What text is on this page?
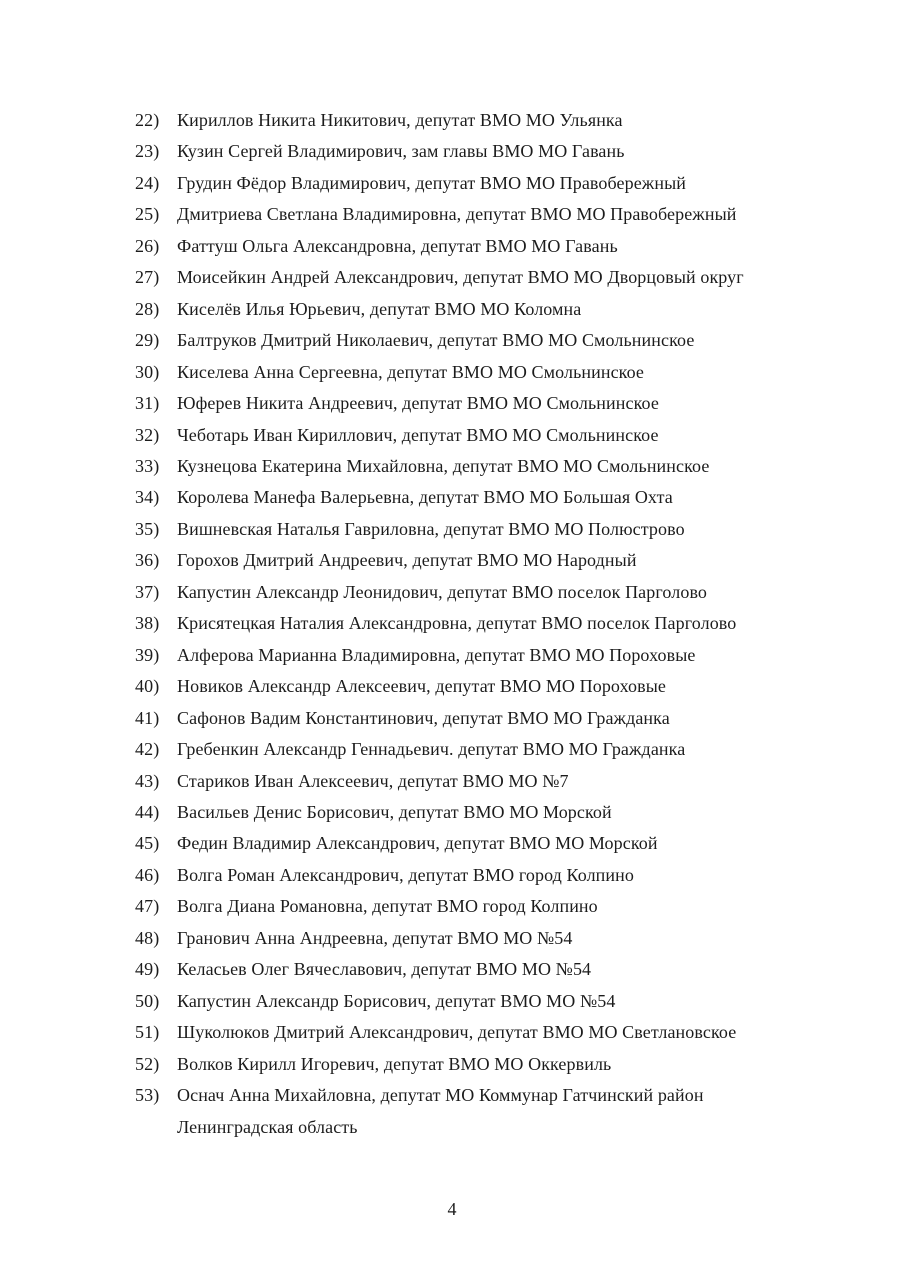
22) Кириллов Никита Никитович, депутат ВМО МО Ульянка
23) Кузин Сергей Владимирович, зам главы ВМО МО Гавань
24) Грудин Фёдор Владимирович, депутат ВМО МО Правобережный
25) Дмитриева Светлана Владимировна, депутат ВМО МО Правобережный
26) Фаттуш Ольга Александровна, депутат ВМО МО Гавань
27) Моисейкин Андрей Александрович, депутат ВМО МО Дворцовый округ
28) Киселёв Илья Юрьевич, депутат ВМО МО Коломна
29) Балтруков Дмитрий Николаевич, депутат ВМО МО Смольнинское
30) Киселева Анна Сергеевна, депутат ВМО МО Смольнинское
31) Юферев Никита Андреевич, депутат ВМО МО Смольнинское
32) Чеботарь Иван Кириллович, депутат ВМО МО Смольнинское
33) Кузнецова Екатерина Михайловна, депутат ВМО МО Смольнинское
34) Королева Манефа Валерьевна, депутат ВМО МО Большая Охта
35) Вишневская Наталья Гавриловна, депутат ВМО МО Полюстрово
36) Горохов Дмитрий Андреевич, депутат ВМО МО Народный
37) Капустин Александр Леонидович, депутат ВМО поселок Парголово
38) Крисятецкая Наталия Александровна, депутат ВМО поселок Парголово
39) Алферова Марианна Владимировна, депутат ВМО МО Пороховые
40) Новиков Александр Алексеевич, депутат ВМО МО Пороховые
41) Сафонов Вадим Константинович, депутат ВМО МО Гражданка
42) Гребенкин Александр Геннадьевич. депутат ВМО МО Гражданка
43) Стариков Иван Алексеевич, депутат ВМО МО №7
44) Васильев Денис Борисович, депутат ВМО МО Морской
45) Федин Владимир Александрович, депутат ВМО МО Морской
46) Волга Роман Александрович, депутат ВМО город Колпино
47) Волга Диана Романовна, депутат ВМО город Колпино
48) Гранович Анна Андреевна, депутат ВМО МО №54
49) Келасьев Олег Вячеславович, депутат ВМО МО №54
50) Капустин Александр Борисович, депутат ВМО МО №54
51) Шуколюков Дмитрий Александрович, депутат ВМО МО Светлановское
52) Волков Кирилл Игоревич, депутат ВМО МО Оккервиль
53) Оснач Анна Михайловна, депутат МО Коммунар Гатчинский район
Ленинградская область
4
